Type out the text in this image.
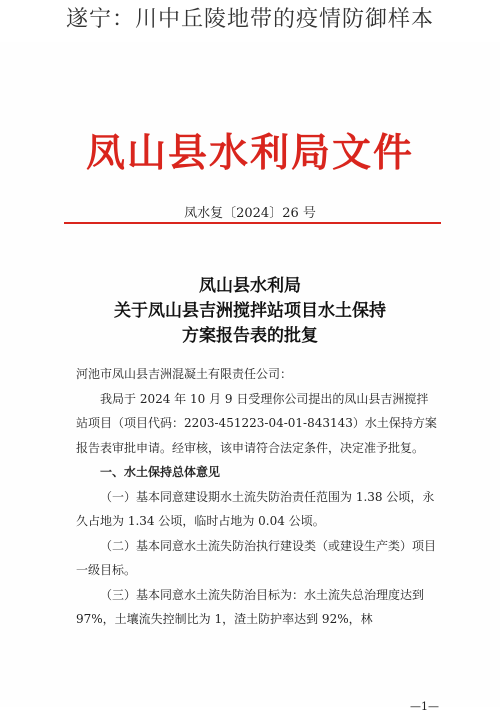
遂宁：川中丘陵地带的疫情防御样本
凤山县水利局文件
凤水复〔2024〕26 号
凤山县水利局
关于凤山县吉洲搅拌站项目水土保持
方案报告表的批复

河池市凤山县吉洲混凝土有限责任公司：

我局于 2024 年 10 月 9 日受理你公司提出的凤山县吉洲搅拌站项目（项目代码：2203-451223-04-01-843143）水土保持方案报告表审批申请。经审核，该申请符合法定条件，决定准予批复。

一、水土保持总体意见

（一）基本同意建设期水土流失防治责任范围为 1.38 公顷，永久占地为 1.34 公顷，临时占地为 0.04 公顷。

（二）基本同意水土流失防治执行建设类（或建设生产类）项目一级目标。

（三）基本同意水土流失防治目标为：水土流失总治理度达到 97%，土壤流失控制比为 1，渣土防护率达到 92%，林

—1—
